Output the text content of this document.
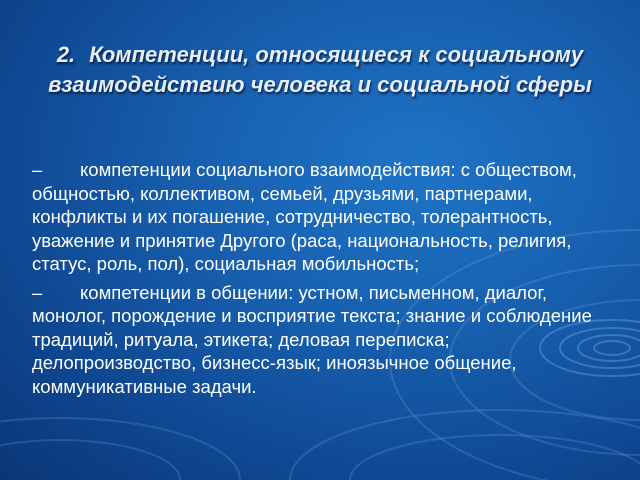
2. Компетенции, относящиеся к социальному взаимодействию человека и социальной сферы

– компетенции социального взаимодействия: с обществом, общностью, коллективом, семьей, друзьями, партнерами, конфликты и их погашение, сотрудничество, толерантность, уважение и принятие Другого (раса, национальность, религия, статус, роль, пол), социальная мобильность;

– компетенции в общении: устном, письменном, диалог, монолог, порождение и восприятие текста; знание и соблюдение традиций, ритуала, этикета; деловая переписка; делопроизводство, бизнесс-язык; иноязычное общение, коммуникативные задачи.
